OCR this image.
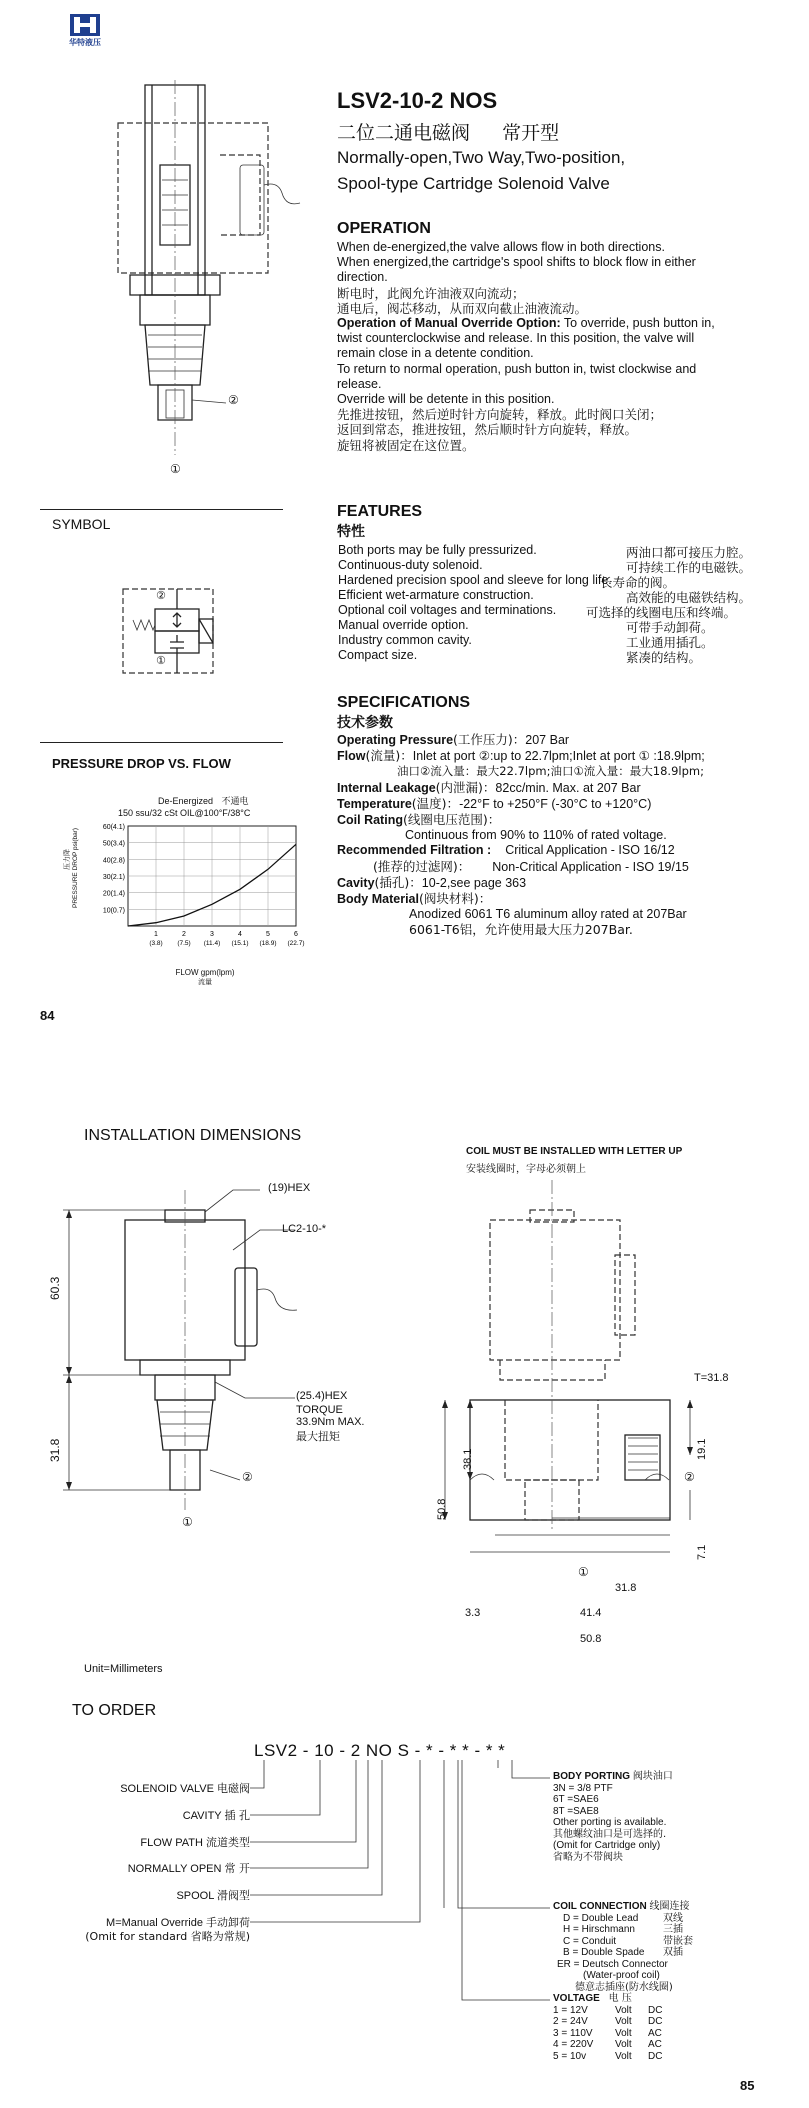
华特液压
LSV2-10-2 NOS
二位二通电磁阀 常开型
Normally-open,Two Way,Two-position,
Spool-type Cartridge Solenoid Valve
OPERATION
When de-energized,the valve allows flow in both directions.
When energized,the cartridge's spool shifts to block flow in either
direction.
断电时，此阀允许油液双向流动；
通电后，阀芯移动，从而双向截止油液流动。
Operation of Manual Override Option: To override, push button in,
twist counterclockwise and release. In this position, the valve will
remain close in a detente condition.
To return to normal operation, push button in, twist clockwise and
release.
Override will be detente in this position.
先推进按钮，然后逆时针方向旋转，释放。此时阀口关闭；
返回到常态，推进按钮，然后顺时针方向旋转，释放。
旋钮将被固定在这位置。
FEATURES
特性
Both ports may be fully pressurized.	两油口都可接压力腔。
Continuous-duty solenoid.	可持续工作的电磁铁。
Hardened precision spool and sleeve for long life.
长寿命的阀。
Efficient wet-armature construction.	高效能的电磁铁结构。
Optional coil voltages and terminations. 可选择的线圈电压和终端。
Manual override option.	可带手动卸荷。
Industry common cavity.	工业通用插孔。
Compact size.	紧凑的结构。
SPECIFICATIONS
技术参数
Operating Pressure(工作压力)：207 Bar
Flow(流量)：Inlet at port ②:up to 22.7lpm;Inlet at port ① :18.9lpm;
油口②流入量：最大22.7lpm;油口①流入量：最大18.9lpm;
Internal Leakage(内泄漏)：82cc/min. Max. at 207 Bar
Temperature(温度)：-22°F to +250°F (-30°C to +120°C)
Coil Rating(线圈电压范围)：
Continuous from 90% to 110% of rated voltage.
Recommended Filtration : Critical Application - ISO 16/12
(推荐的过滤网)： Non-Critical Application - ISO 19/15
Cavity(插孔)：10-2,see page 363
Body Material(阀块材料)：
Anodized 6061 T6 aluminum alloy rated at 207Bar
6061-T6铝，允许使用最大压力207Bar.
②
①
SYMBOL
②
①
PRESSURE DROP VS. FLOW
De-Energized 不通电
150 ssu/32 cSt OIL@100°F/38°C
压力降 PRESSURE DROP psi(bar)
60(4.1)
50(3.4)
40(2.8)
30(2.1)
20(1.4)
10(0.7)
1
(3.8)
2
(7.5)
3
(11.4)
4
(15.1)
5
(18.9)
6
(22.7)
FLOW gpm(lpm)
流量
84
INSTALLATION DIMENSIONS
COIL MUST BE INSTALLED WITH LETTER UP
安装线圈时，字母必须朝上
(19)HEX
LC2-10-*
(25.4)HEX
TORQUE
33.9Nm MAX.
最大扭矩
60.3
31.8
②
①
T=31.8
19.1
38.1
50.8
7.1
②
①
31.8
3.3	41.4
50.8
Unit=Millimeters
TO ORDER
LSV2 - 10 - 2 NO S - * - * * - * *
SOLENOID VALVE 电磁阀
CAVITY 插 孔
FLOW PATH 流道类型
NORMALLY OPEN 常 开
SPOOL 滑阀型
M=Manual Override 手动卸荷
(Omit for standard 省略为常规)
BODY PORTING 阀块油口
3N = 3/8 PTF
6T =SAE6
8T =SAE8
Other porting is available.
其他螺纹油口是可选择的.
(Omit for Cartridge only)
省略为不带阀块
COIL CONNECTION 线圈连接
D = Double Lead 双线
H = Hirschmann	三插
C = Conduit	带嵌套
B = Double Spade 双插
ER = Deutsch Connector
(Water-proof coil)
德意志插座(防水线圈)
VOLTAGE 电 压
1 = 12V	Volt DC
2 = 24V	Volt DC
3 = 110V Volt AC
4 = 220V Volt AC
5 = 10v	Volt DC
85
